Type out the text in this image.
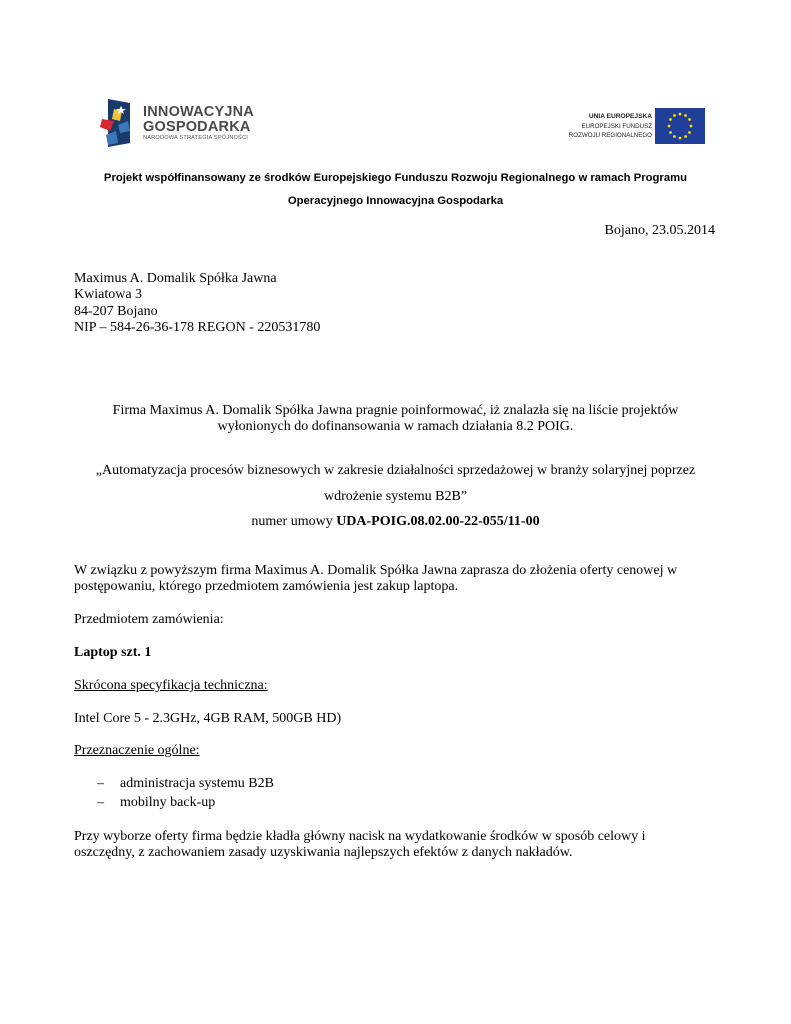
INNOWACYJNA
GOSPODARKA
NARODOWA STRATEGIA SPÓJNOŚCI
UNIA EUROPEJSKA
EUROPEJSKI FUNDUSZ
ROZWOJU REGIONALNEGO
Projekt współfinansowany ze środków Europejskiego Funduszu Rozwoju Regionalnego w ramach Programu
Operacyjnego Innowacyjna Gospodarka
Bojano, 23.05.2014
Maximus A. Domalik Spółka Jawna
Kwiatowa 3
84-207 Bojano
NIP – 584-26-36-178 REGON - 220531780
Firma Maximus A. Domalik Spółka Jawna pragnie poinformować, iż znalazła się na liście projektów
wyłonionych do dofinansowania w ramach działania 8.2 POIG.
„Automatyzacja procesów biznesowych w zakresie działalności sprzedażowej w branży solaryjnej poprzez
wdrożenie systemu B2B”
numer umowy UDA-POIG.08.02.00-22-055/11-00
W związku z powyższym firma Maximus A. Domalik Spółka Jawna zaprasza do złożenia oferty cenowej w
postępowaniu, którego przedmiotem zamówienia jest zakup laptopa.
Przedmiotem zamówienia:
Laptop szt. 1
Skrócona specyfikacja techniczna:
Intel Core 5 - 2.3GHz, 4GB RAM, 500GB HD)
Przeznaczenie ogólne:
– administracja systemu B2B
– mobilny back-up
Przy wyborze oferty firma będzie kładła główny nacisk na wydatkowanie środków w sposób celowy i
oszczędny, z zachowaniem zasady uzyskiwania najlepszych efektów z danych nakładów.
